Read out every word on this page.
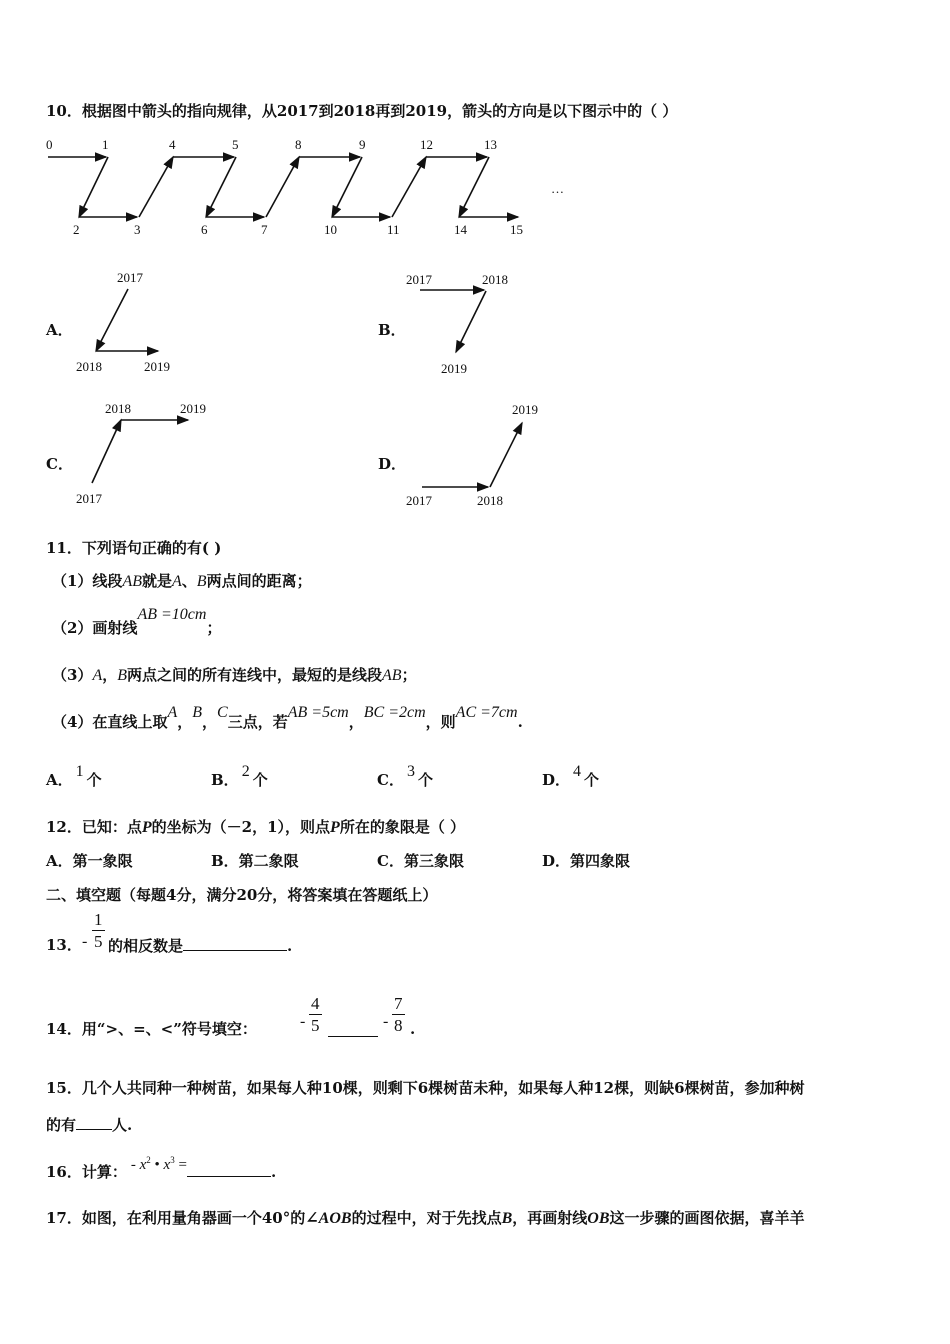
10．根据图中箭头的指向规律，从2017到2018再到2019，箭头的方向是以下图示中的（ ）
0	1
2	3
4	5
6	7
8	9
10	11
12	13
14	15
…
A．
2017
2018	2019
B．
2017	2018
2019
C．
2018	2019
2017
D．
2019
2017	2018
11．下列语句正确的有( )
（1）线段AB就是A、B两点间的距离；
（2）画射线AB =10cm；
（3）A，B两点之间的所有连线中，最短的是线段AB；
（4）在直线上取A，B，C三点，若AB =5cm，BC =2cm，则AC =7cm.
A． 1 个	B． 2 个	C． 3 个	D． 4 个
12．已知：点P的坐标为（－2，1），则点P所在的象限是（ ）
A．第一象限	B．第二象限	C．第三象限	D．第四象限
二、填空题（每题4分，满分20分，将答案填在答题纸上）
13． - $\frac{1}{5}$ 的相反数是	.
14．用“>、=、<”符号填空：	- $\frac{4}{5}$	- $\frac{7}{8}$ .
15．几个人共同种一种树苗，如果每人种10棵，则剩下6棵树苗未种，如果每人种12棵，则缺6棵树苗，参加种树
的有 人.
16．计算： - $x^2$ • $x^3$ =	.
17．如图，在利用量角器画一个40°的∠AOB的过程中，对于先找点B，再画射线OB这一步骤的画图依据，喜羊羊
